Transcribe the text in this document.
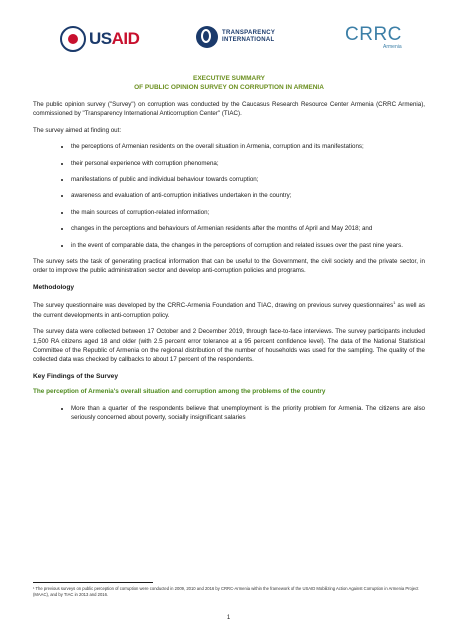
USAID	TRANSPARENCY
INTERNATIONAL	CRRC
Armenia
EXECUTIVE SUMMARY
OF PUBLIC OPINION SURVEY ON CORRUPTION IN ARMENIA

The public opinion survey ("Survey") on corruption was conducted by the Caucasus Research Resource Center Armenia (CRRC Armenia), commissioned by "Transparency International Anticorruption Center" (TIAC).

The survey aimed at finding out:

• the perceptions of Armenian residents on the overall situation in Armenia, corruption and its manifestations;
• their personal experience with corruption phenomena;
• manifestations of public and individual behaviour towards corruption;
• awareness and evaluation of anti-corruption initiatives undertaken in the country;
• the main sources of corruption-related information;
• changes in the perceptions and behaviours of Armenian residents after the months of April and May 2018; and
• in the event of comparable data, the changes in the perceptions of corruption and related issues over the past nine years.

The survey sets the task of generating practical information that can be useful to the Government, the civil society and the private sector, in order to improve the public administration sector and develop anti-corruption policies and programs.

Methodology

The survey questionnaire was developed by the CRRC-Armenia Foundation and TIAC, drawing on previous survey questionnaires$^1$ as well as the current developments in anti-corruption policy.

The survey data were collected between 17 October and 2 December 2019, through face-to-face interviews. The survey participants included 1,500 RA citizens aged 18 and older (with 2.5 percent error tolerance at a 95 percent confidence level). The data of the National Statistical Committee of the Republic of Armenia on the regional distribution of the number of households was used for the sampling. The quality of the collected data was checked by callbacks to about 17 percent of the respondents.

Key Findings of the Survey
The perception of Armenia's overall situation and corruption among the problems of the country
• More than a quarter of the respondents believe that unemployment is the priority problem for Armenia. The citizens are also seriously concerned about poverty, socially insignificant salaries
¹ The previous surveys on public perception of corruption were conducted in 2009, 2010 and 2016 by CRRC-Armenia within the framework of the USAID Mobilizing Action Against Corruption in Armenia Project (MAAC), and by TIAC in 2013 and 2016.
1
